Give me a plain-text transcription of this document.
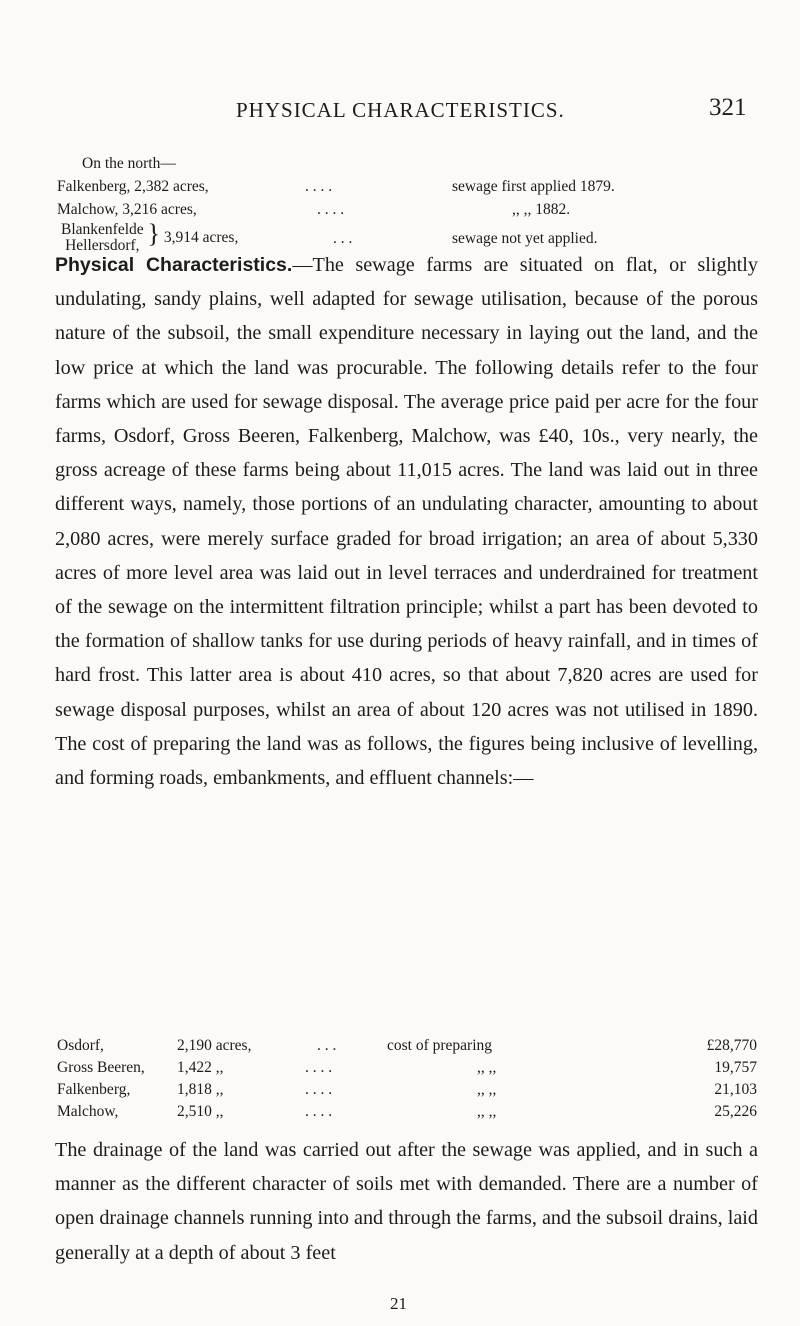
PHYSICAL CHARACTERISTICS.	321
On the north—
Falkenberg, 2,382 acres,	. . . .	sewage first applied 1879.
Malchow, 3,216 acres,	. . . .	,, ,, 1882.
Blankenfelde
Hellersdorf, } 3,914 acres,	. . .	sewage not yet applied.

Physical Characteristics.—The sewage farms are situated on flat, or slightly undulating, sandy plains, well adapted for sewage utilisation, because of the porous nature of the subsoil, the small expenditure necessary in laying out the land, and the low price at which the land was procurable. The following details refer to the four farms which are used for sewage disposal. The average price paid per acre for the four farms, Osdorf, Gross Beeren, Falkenberg, Malchow, was £40, 10s., very nearly, the gross acreage of these farms being about 11,015 acres. The land was laid out in three different ways, namely, those portions of an undulating character, amounting to about 2,080 acres, were merely surface graded for broad irrigation; an area of about 5,330 acres of more level area was laid out in level terraces and underdrained for treatment of the sewage on the intermittent filtration principle; whilst a part has been devoted to the formation of shallow tanks for use during periods of heavy rainfall, and in times of hard frost. This latter area is about 410 acres, so that about 7,820 acres are used for sewage disposal purposes, whilst an area of about 120 acres was not utilised in 1890. The cost of preparing the land was as follows, the figures being inclusive of levelling, and forming roads, embankments, and effluent channels:—

Osdorf,	2,190 acres,	. . .	cost of preparing	£28,770
Gross Beeren, 1,422 ,,	. . . .	,, ,,	19,757
Falkenberg,	1,818 ,,	. . . .	,, ,,	21,103
Malchow,	2,510 ,,	. . . .	,, ,,	25,226

The drainage of the land was carried out after the sewage was applied, and in such a manner as the different character of soils met with demanded. There are a number of open drainage channels running into and through the farms, and the subsoil drains, laid generally at a depth of about 3 feet

21
